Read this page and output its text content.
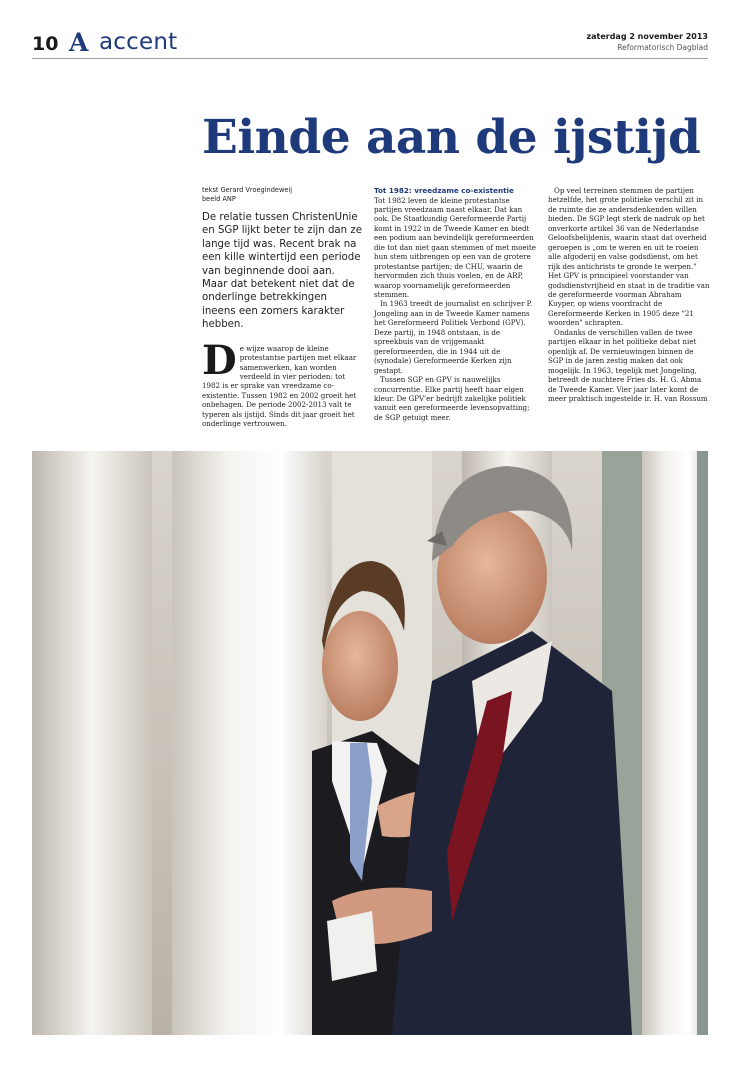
10 A accent	zaterdag 2 november 2013
Reformatorisch Dagblad
Einde aan de ijstijd
tekst Gerard Vroegindeweij
beeld ANP
De relatie tussen ChristenUnie en SGP lijkt beter te zijn dan ze lange tijd was. Recent brak na een kille wintertijd een periode van beginnende dooi aan. Maar dat betekent niet dat de onderlinge betrekkingen ineens een zomers karakter hebben.
De wijze waarop de kleine protestantse partijen met elkaar samenwerken, kan worden verdeeld in vier perioden: tot 1982 is er sprake van vreedzame co-existentie. Tussen 1982 en 2002 groeit het onbehagen. De periode 2002-2013 valt te typeren als ijstijd. Sinds dit jaar groeit het onderlinge vertrouwen.
Tot 1982: vreedzame co-existentie

Tot 1982 leven de kleine protestantse partijen vreedzaam naast elkaar. Dat kan ook. De Staatkundig Gereformeerde Partij komt in 1922 in de Tweede Kamer en biedt een podium aan bevindelijk gereformeerden die tot dan niet gaan stemmen of met moeite hun stem uitbrengen op een van de grotere protestantse partijen; de CHU, waarin de hervormden zich thuis voelen, en de ARP, waarop voornamelijk gereformeerden stemmen.

In 1963 treedt de journalist en schrijver P. Jongeling aan in de Tweede Kamer namens het Gereformeerd Politiek Verbond (GPV). Deze partij, in 1948 ontstaan, is de spreekbuis van de vrijgemaakt gereformeerden, die in 1944 uit de (synodale) Gereformeerde Kerken zijn gestapt.

Tussen SGP en GPV is nauwelijks concurrentie. Elke partij heeft haar eigen kleur. De GPV'er bedrijft zakelijke politiek vanuit een gereformeerde levensopvatting; de SGP getuigt meer.

Op veel terreinen stemmen de partijen hetzelfde, het grote politieke verschil zit in de ruimte die ze andersdenkenden willen bieden. De SGP legt sterk de nadruk op het onverkorte artikel 36 van de Nederlandse Geloofsbelijdenis, waarin staat dat overheid geroepen is „om te weren en uit te roeien alle afgoderij en valse godsdienst, om het rijk des antichrists te gronde te werpen." Het GPV is principieel voorstander van godsdienstvrijheid en staat in de traditie van de gereformeerde voorman Abraham Kuyper, op wiens voordracht de Gereformeerde Kerken in 1905 deze "21 woorden" schrapten.

Ondanks de verschillen vallen de twee partijen elkaar in het politieke debat niet openlijk af. De vernieuwingen binnen de SGP in de jaren zestig maken dat ook mogelijk. In 1963, tegelijk met Jongeling, betreedt de nuchtere Fries ds. H. G. Abma de Tweede Kamer. Vier jaar later komt de meer praktisch ingestelde ir. H. van Rossum
